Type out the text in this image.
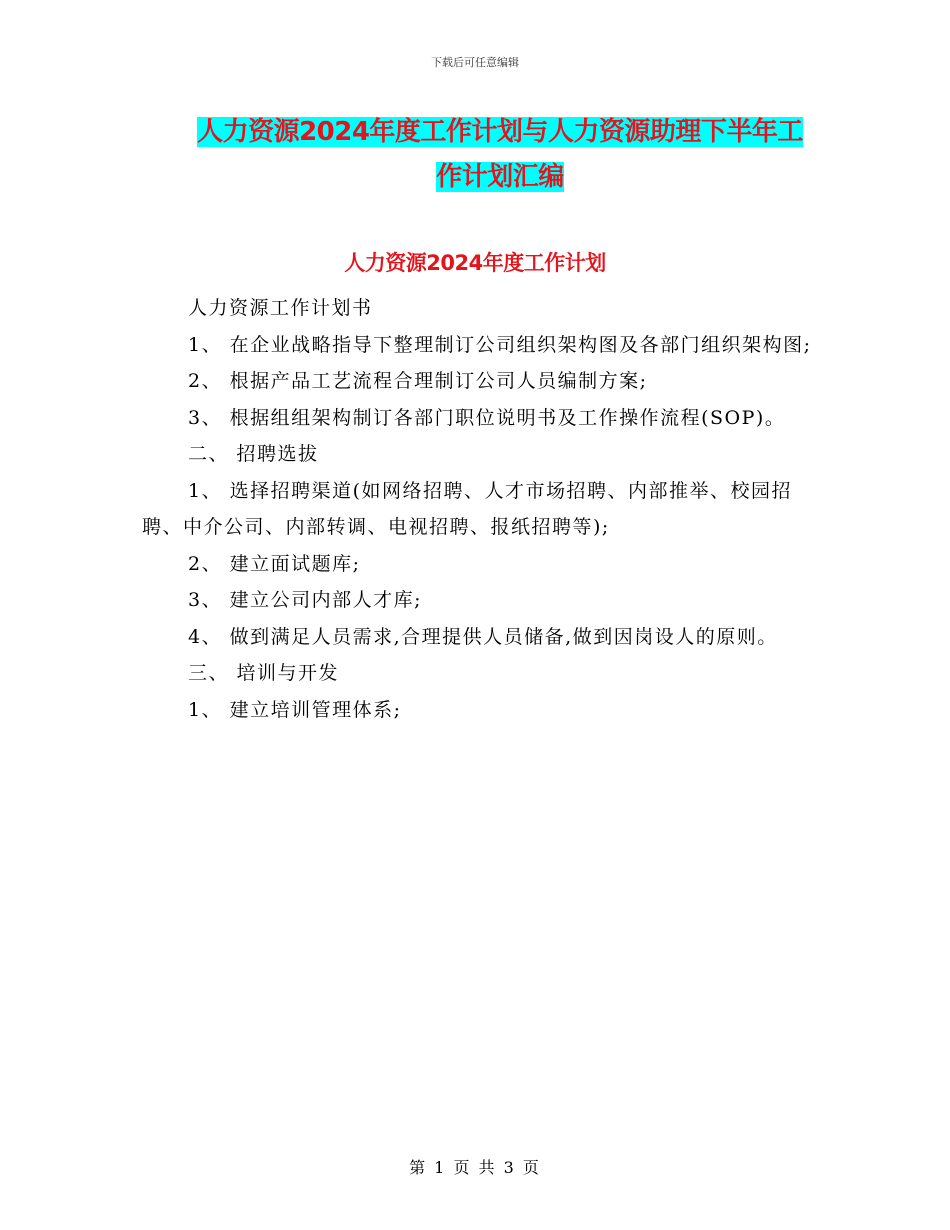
下载后可任意编辑
人力资源2024年度工作计划与人力资源助理下半年工
作计划汇编
人力资源2024年度工作计划

人力资源工作计划书

1、 在企业战略指导下整理制订公司组织架构图及各部门组织架构图;

2、 根据产品工艺流程合理制订公司人员编制方案;

3、 根据组组架构制订各部门职位说明书及工作操作流程(SOP)。

二、 招聘选拔

1、 选择招聘渠道(如网络招聘、人才市场招聘、内部推举、校园招聘、中介公司、内部转调、电视招聘、报纸招聘等);

2、 建立面试题库;

3、 建立公司内部人才库;

4、 做到满足人员需求,合理提供人员储备,做到因岗设人的原则。

三、 培训与开发

1、 建立培训管理体系;

第 1 页 共 3 页
